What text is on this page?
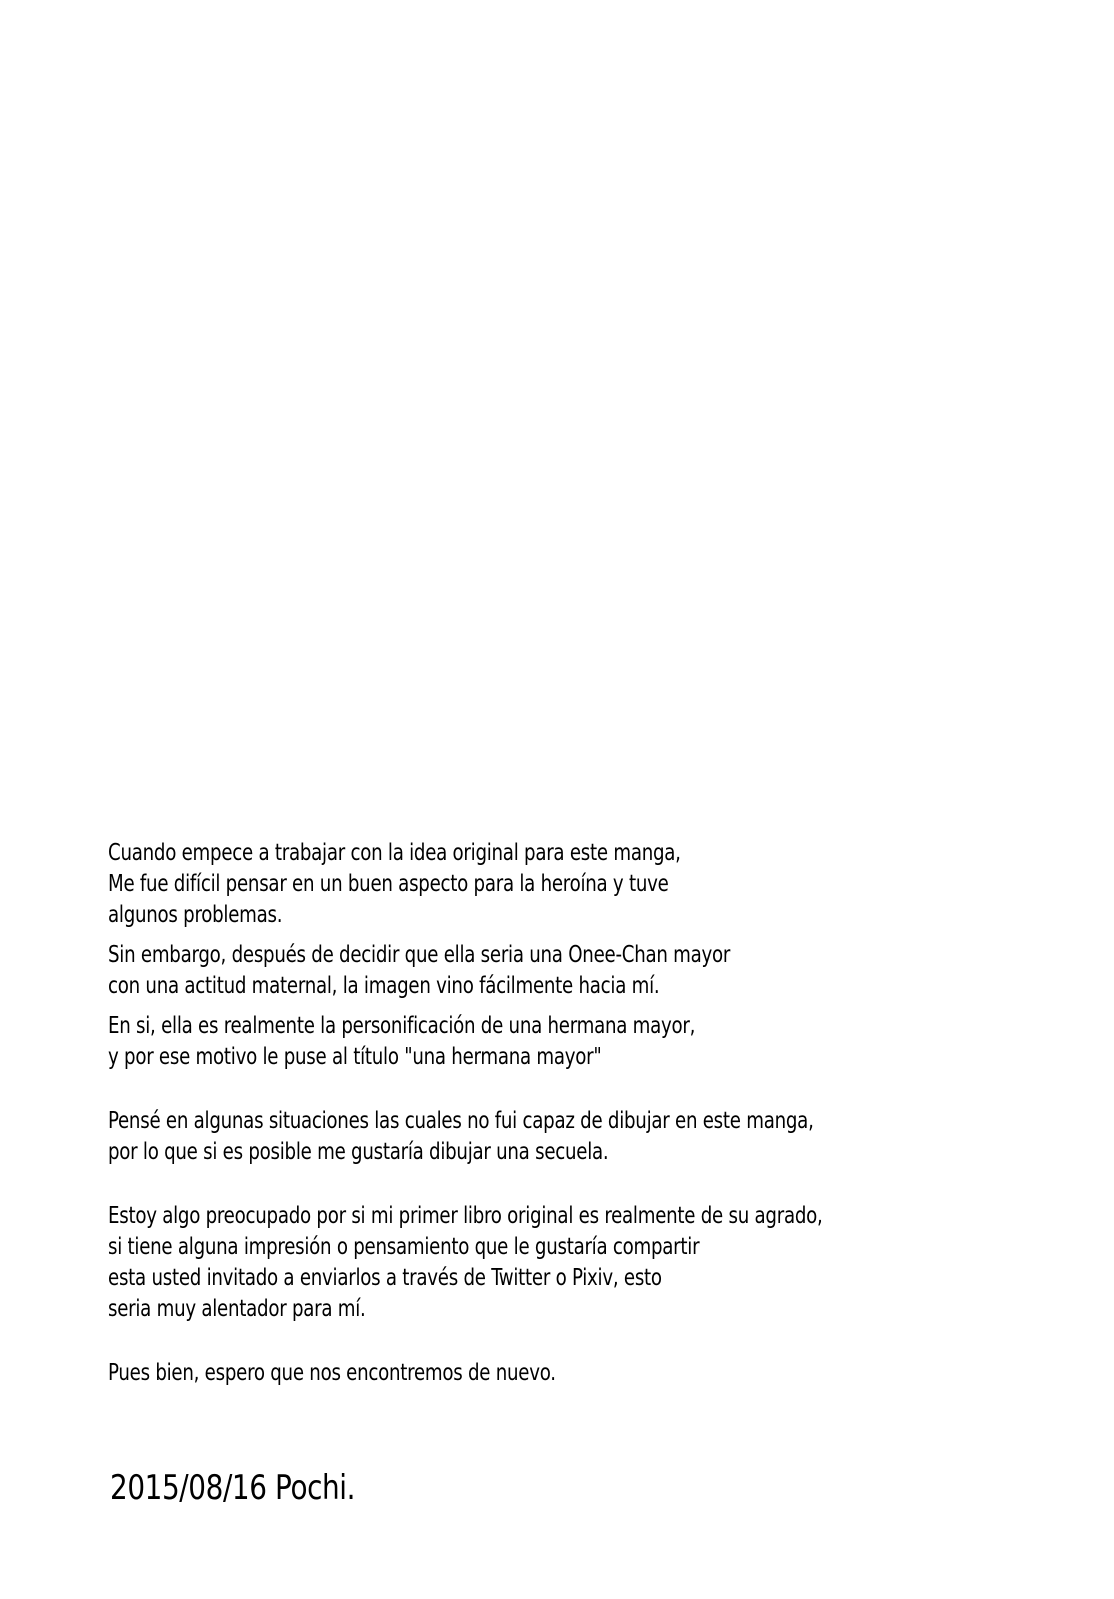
Cuando empece a trabajar con la idea original para este manga,
Me fue difícil pensar en un buen aspecto para la heroína y tuve
algunos problemas.

Sin embargo, después de decidir que ella seria una Onee-Chan mayor
con una actitud maternal, la imagen vino fácilmente hacia mí.

En si, ella es realmente la personificación de una hermana mayor,
y por ese motivo le puse al título "una hermana mayor"

Pensé en algunas situaciones las cuales no fui capaz de dibujar en este manga,
por lo que si es posible me gustaría dibujar una secuela.

Estoy algo preocupado por si mi primer libro original es realmente de su agrado,
si tiene alguna impresión o pensamiento que le gustaría compartir
esta usted invitado a enviarlos a través de Twitter o Pixiv, esto
seria muy alentador para mí.

Pues bien, espero que nos encontremos de nuevo.

2015/08/16 Pochi.
